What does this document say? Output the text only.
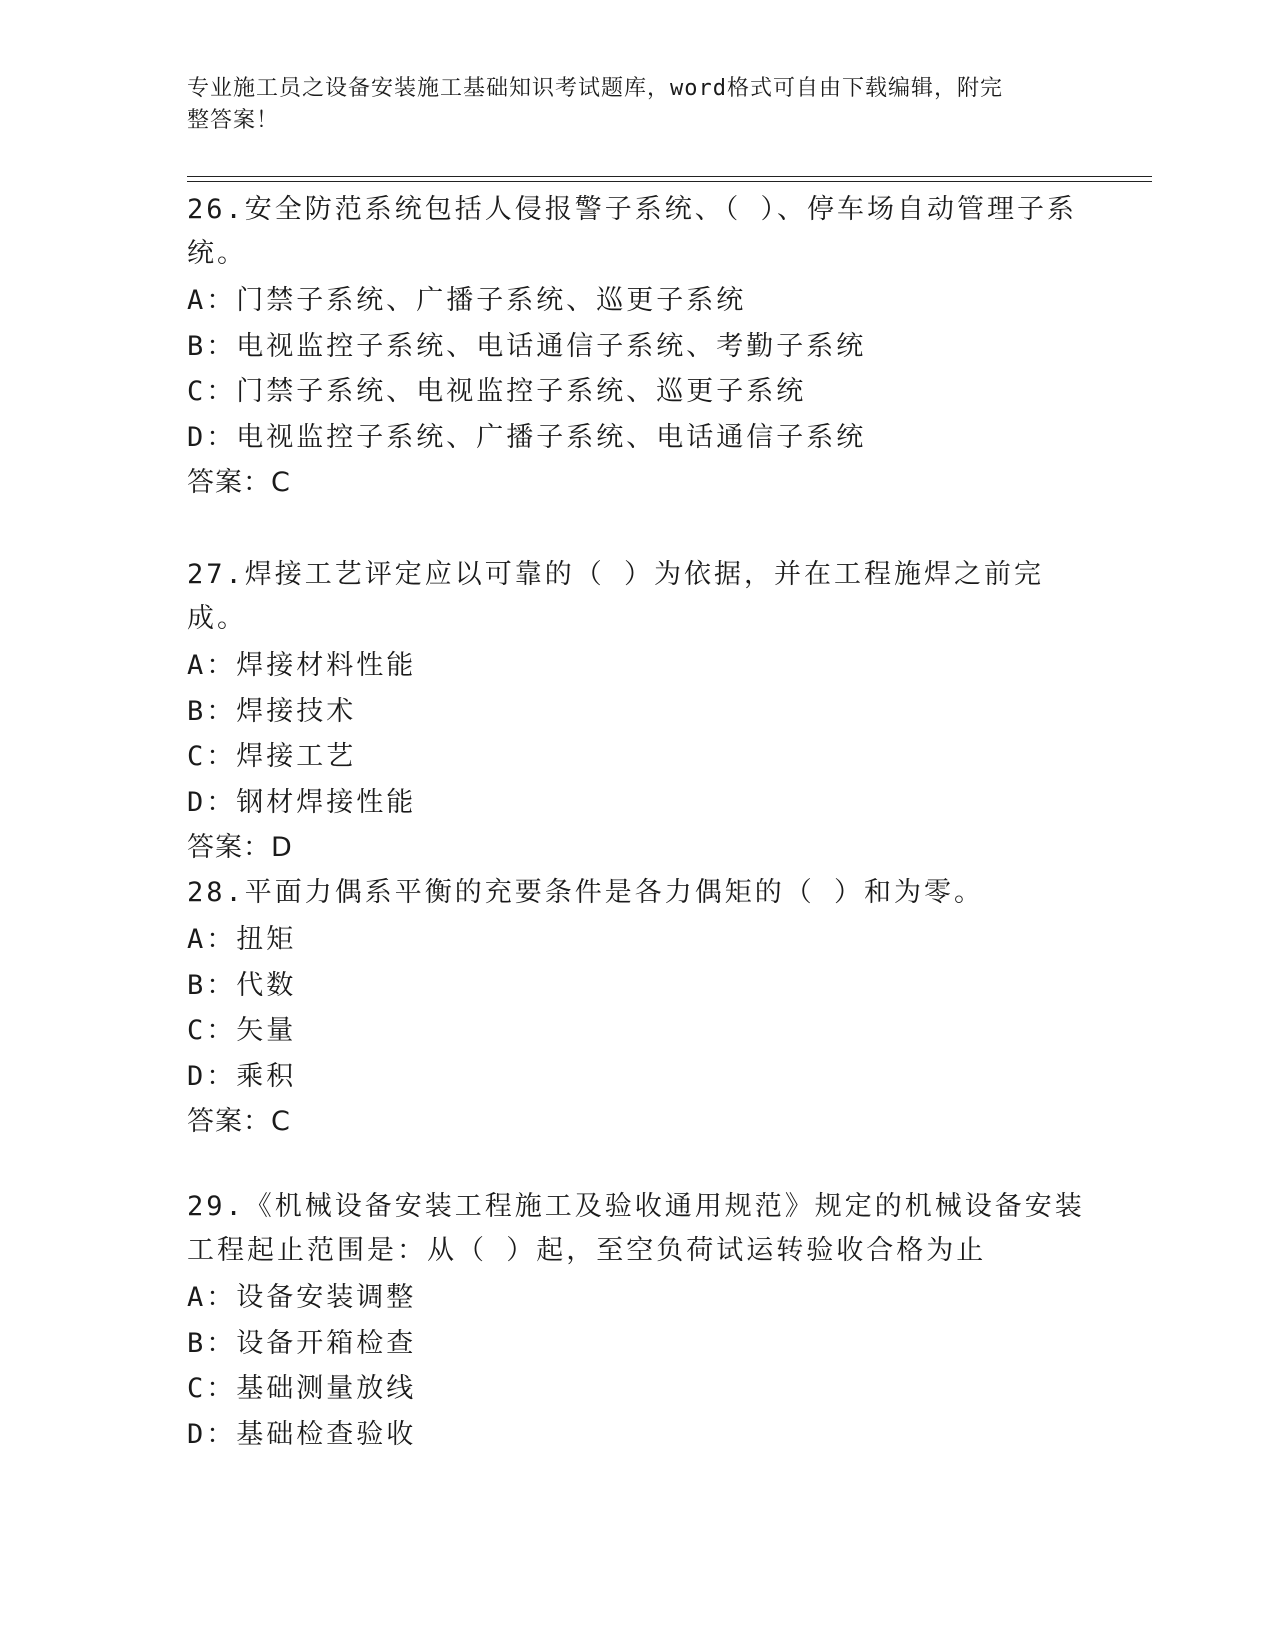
专业施工员之设备安装施工基础知识考试题库，word格式可自由下载编辑，附完
整答案！
26.安全防范系统包括人侵报警子系统、（ ）、停车场自动管理子系统。
A：门禁子系统、广播子系统、巡更子系统
B：电视监控子系统、电话通信子系统、考勤子系统
C：门禁子系统、电视监控子系统、巡更子系统
D：电视监控子系统、广播子系统、电话通信子系统
答案：C
27.焊接工艺评定应以可靠的（ ）为依据，并在工程施焊之前完成。
A：焊接材料性能
B：焊接技术
C：焊接工艺
D：钢材焊接性能
答案：D
28.平面力偶系平衡的充要条件是各力偶矩的（ ）和为零。
A：扭矩
B：代数
C：矢量
D：乘积
答案：C
29.《机械设备安装工程施工及验收通用规范》规定的机械设备安装工程起止范围是：从（ ）起，至空负荷试运转验收合格为止
A：设备安装调整
B：设备开箱检查
C：基础测量放线
D：基础检查验收
